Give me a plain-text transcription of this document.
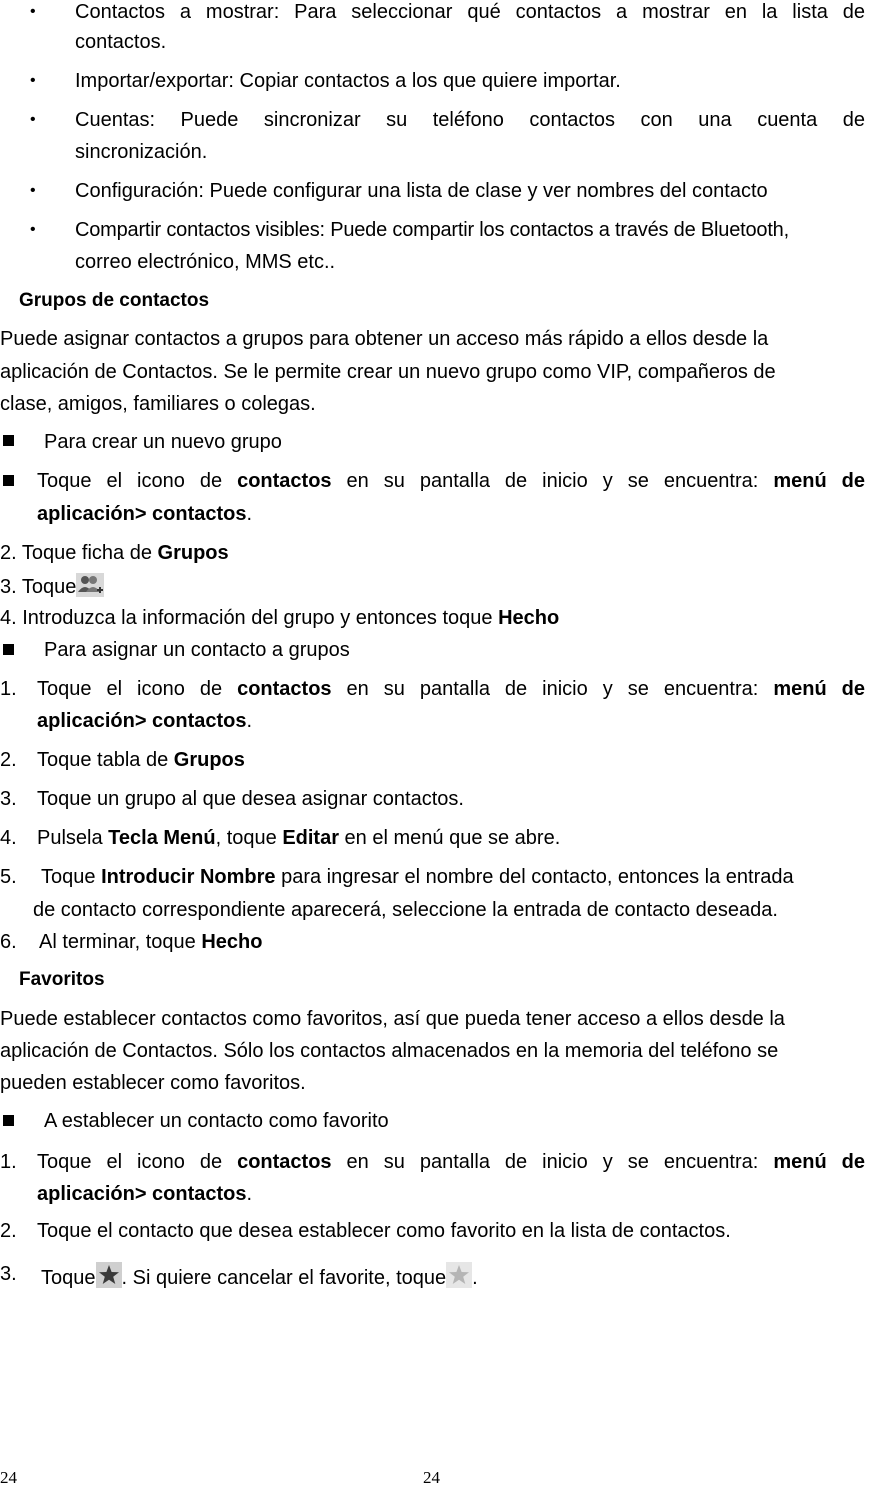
• Contactos a mostrar: Para seleccionar qué contactos a mostrar en la lista de
contactos.
• Importar/exportar: Copiar contactos a los que quiere importar.
• Cuentas: Puede sincronizar su teléfono contactos con una cuenta de
sincronización.
• Configuración: Puede configurar una lista de clase y ver nombres del contacto
• Compartir contactos visibles: Puede compartir los contactos a través de Bluetooth,
correo electrónico, MMS etc..
Grupos de contactos
Puede asignar contactos a grupos para obtener un acceso más rápido a ellos desde la
aplicación de Contactos. Se le permite crear un nuevo grupo como VIP, compañeros de
clase, amigos, familiares o colegas.
Para crear un nuevo grupo
Toque el icono de contactos en su pantalla de inicio y se encuentra: menú de
aplicación> contactos.
2. Toque ficha de Grupos
3. Toque
4. Introduzca la información del grupo y entonces toque Hecho
Para asignar un contacto a grupos
1. Toque el icono de contactos en su pantalla de inicio y se encuentra: menú de
aplicación> contactos.
2. Toque tabla de Grupos
3. Toque un grupo al que desea asignar contactos.
4. Pulsela Tecla Menú, toque Editar en el menú que se abre.
5. Toque Introducir Nombre para ingresar el nombre del contacto, entonces la entrada
de contacto correspondiente aparecerá, seleccione la entrada de contacto deseada.
6. Al terminar, toque Hecho
Favoritos
Puede establecer contactos como favoritos, así que pueda tener acceso a ellos desde la
aplicación de Contactos. Sólo los contactos almacenados en la memoria del teléfono se
pueden establecer como favoritos.
A establecer un contacto como favorito
1. Toque el icono de contactos en su pantalla de inicio y se encuentra: menú de
aplicación> contactos.
2. Toque el contacto que desea establecer como favorito en la lista de contactos.
3. Toque . Si quiere cancelar el favorite, toque .
24	24
